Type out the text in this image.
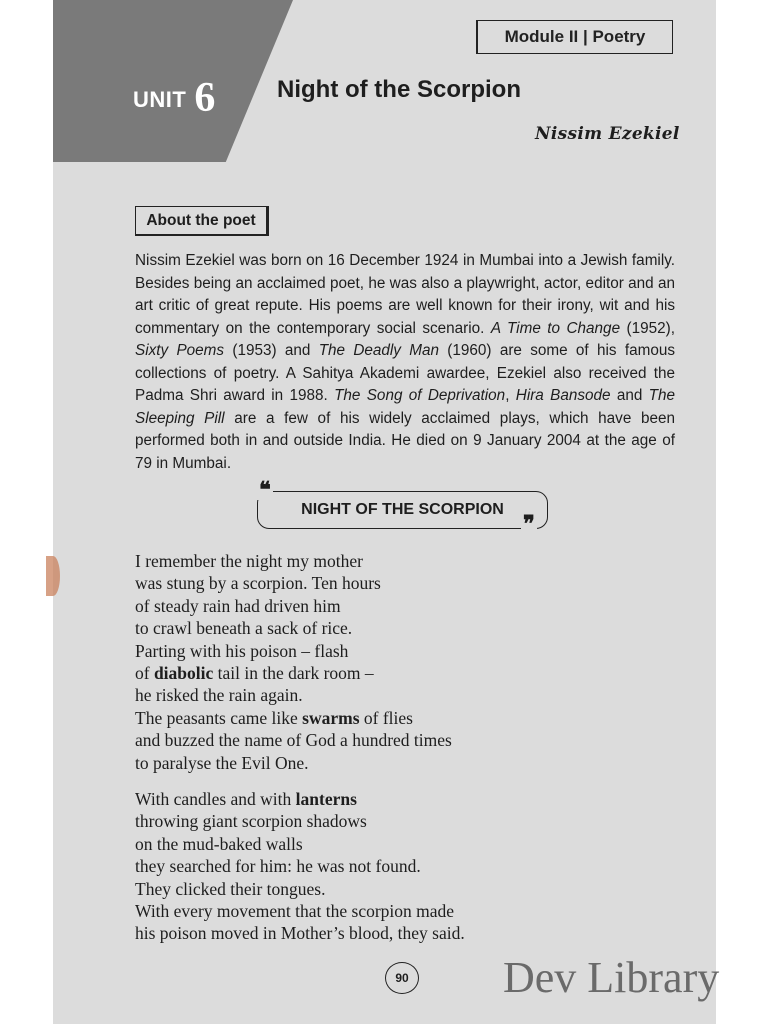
UNIT 6
Module II | Poetry
Night of the Scorpion
Nissim Ezekiel
About the poet

Nissim Ezekiel was born on 16 December 1924 in Mumbai into a Jewish family. Besides being an acclaimed poet, he was also a playwright, actor, editor and an art critic of great repute. His poems are well known for their irony, wit and his commentary on the contemporary social scenario. A Time to Change (1952), Sixty Poems (1953) and The Deadly Man (1960) are some of his famous collections of poetry. A Sahitya Akademi awardee, Ezekiel also received the Padma Shri award in 1988. The Song of Deprivation, Hira Bansode and The Sleeping Pill are a few of his widely acclaimed plays, which have been performed both in and outside India. He died on 9 January 2004 at the age of 79 in Mumbai.

NIGHT OF THE SCORPION
❝
❞
I remember the night my mother
was stung by a scorpion. Ten hours
of steady rain had driven him
to crawl beneath a sack of rice.
Parting with his poison – flash
of diabolic tail in the dark room –
he risked the rain again.
The peasants came like swarms of flies
and buzzed the name of God a hundred times
to paralyse the Evil One.
With candles and with lanterns
throwing giant scorpion shadows
on the mud-baked walls
they searched for him: he was not found.
They clicked their tongues.
With every movement that the scorpion made
his poison moved in Mother’s blood, they said.
90 Dev Library
